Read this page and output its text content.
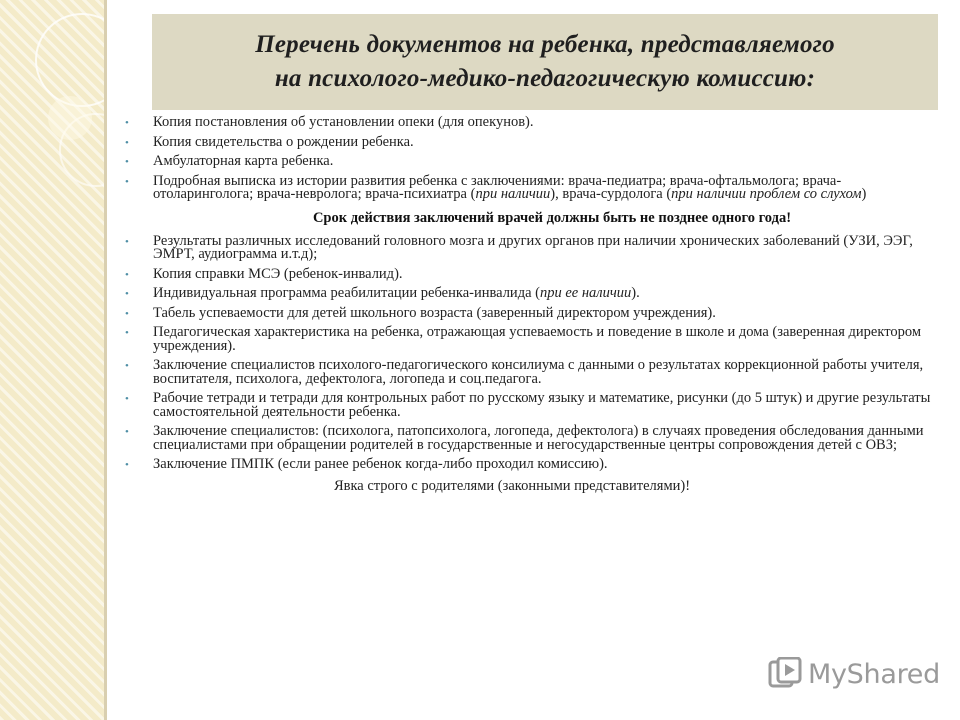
Перечень документов на ребенка, представляемого
на психолого-медико-педагогическую комиссию:
• Копия постановления об установлении опеки (для опекунов).
• Копия свидетельства о рождении ребенка.
• Амбулаторная карта ребенка.
• Подробная выписка из истории развития ребенка с заключениями: врача-педиатра; врача-офтальмолога; врача-отоларинголога; врача-невролога; врача-психиатра (при наличии), врача-сурдолога (при наличии проблем со слухом)
Срок действия заключений врачей должны быть не позднее одного года!
• Результаты различных исследований головного мозга и других органов при наличии хронических заболеваний (УЗИ, ЭЭГ, ЭМРТ, аудиограмма и.т.д);
• Копия справки МСЭ (ребенок-инвалид).
• Индивидуальная программа реабилитации ребенка-инвалида (при ее наличии).
• Табель успеваемости для детей школьного возраста (заверенный директором учреждения).
• Педагогическая характеристика на ребенка, отражающая успеваемость и поведение в школе и дома (заверенная директором учреждения).
• Заключение специалистов психолого-педагогического консилиума с данными о результатах коррекционной работы учителя, воспитателя, психолога, дефектолога, логопеда и соц.педагога.
• Рабочие тетради и тетради для контрольных работ по русскому языку и математике, рисунки (до 5 штук) и другие результаты самостоятельной деятельности ребенка.
• Заключение специалистов: (психолога, патопсихолога, логопеда, дефектолога) в случаях проведения обследования данными специалистами при обращении родителей в государственные и негосударственные центры сопровождения детей с ОВЗ;
• Заключение ПМПК (если ранее ребенок когда-либо проходил комиссию).
Явка строго с родителями (законными представителями)!
MyShared
